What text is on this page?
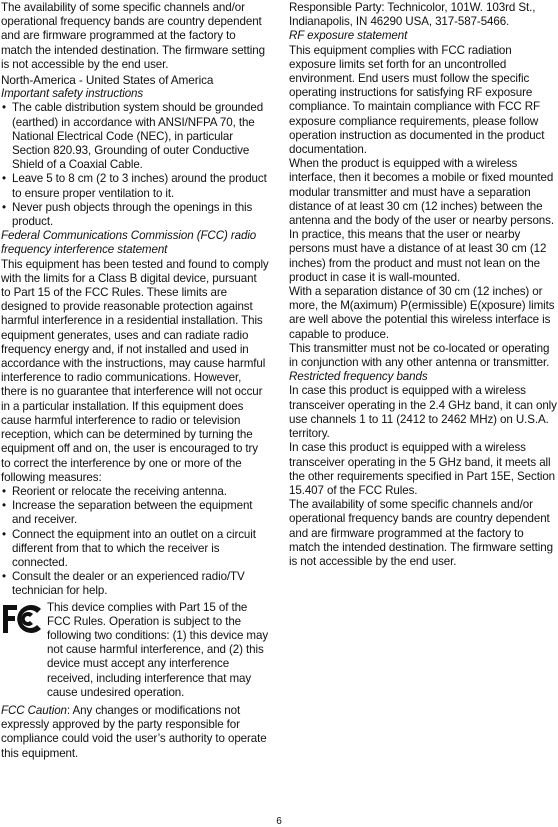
The availability of some specific channels and/or operational frequency bands are country dependent and are firmware programmed at the factory to match the intended destination. The firmware setting is not accessible by the end user.

North-America - United States of America

Important safety instructions

• The cable distribution system should be grounded (earthed) in accordance with ANSI/NFPA 70, the National Electrical Code (NEC), in particular Section 820.93, Grounding of outer Conductive Shield of a Coaxial Cable.
• Leave 5 to 8 cm (2 to 3 inches) around the product to ensure proper ventilation to it.
• Never push objects through the openings in this product.

Federal Communications Commission (FCC) radio frequency interference statement

This equipment has been tested and found to comply with the limits for a Class B digital device, pursuant to Part 15 of the FCC Rules. These limits are designed to provide reasonable protection against harmful interference in a residential installation. This equipment generates, uses and can radiate radio frequency energy and, if not installed and used in accordance with the instructions, may cause harmful interference to radio communications. However, there is no guarantee that interference will not occur in a particular installation. If this equipment does cause harmful interference to radio or television reception, which can be determined by turning the equipment off and on, the user is encouraged to try to correct the interference by one or more of the following measures:

• Reorient or relocate the receiving antenna.
• Increase the separation between the equipment and receiver.
• Connect the equipment into an outlet on a circuit different from that to which the receiver is connected.
• Consult the dealer or an experienced radio/TV technician for help.

This device complies with Part 15 of the FCC Rules. Operation is subject to the following two conditions: (1) this device may not cause harmful interference, and (2) this device must accept any interference received, including interference that may cause undesired operation.

FCC Caution: Any changes or modifications not expressly approved by the party responsible for compliance could void the user’s authority to operate this equipment.

Responsible Party: Technicolor, 101W. 103rd St., Indianapolis, IN 46290 USA, 317-587-5466.

RF exposure statement

This equipment complies with FCC radiation exposure limits set forth for an uncontrolled environment. End users must follow the specific operating instructions for satisfying RF exposure compliance. To maintain compliance with FCC RF exposure compliance requirements, please follow operation instruction as documented in the product documentation.

When the product is equipped with a wireless interface, then it becomes a mobile or fixed mounted modular transmitter and must have a separation distance of at least 30 cm (12 inches) between the antenna and the body of the user or nearby persons. In practice, this means that the user or nearby persons must have a distance of at least 30 cm (12 inches) from the product and must not lean on the product in case it is wall-mounted.

With a separation distance of 30 cm (12 inches) or more, the M(aximum) P(ermissible) E(xposure) limits are well above the potential this wireless interface is capable to produce.

This transmitter must not be co-located or operating in conjunction with any other antenna or transmitter.

Restricted frequency bands

In case this product is equipped with a wireless transceiver operating in the 2.4 GHz band, it can only use channels 1 to 11 (2412 to 2462 MHz) on U.S.A. territory.

In case this product is equipped with a wireless transceiver operating in the 5 GHz band, it meets all the other requirements specified in Part 15E, Section 15.407 of the FCC Rules.

The availability of some specific channels and/or operational frequency bands are country dependent and are firmware programmed at the factory to match the intended destination. The firmware setting is not accessible by the end user.

6
